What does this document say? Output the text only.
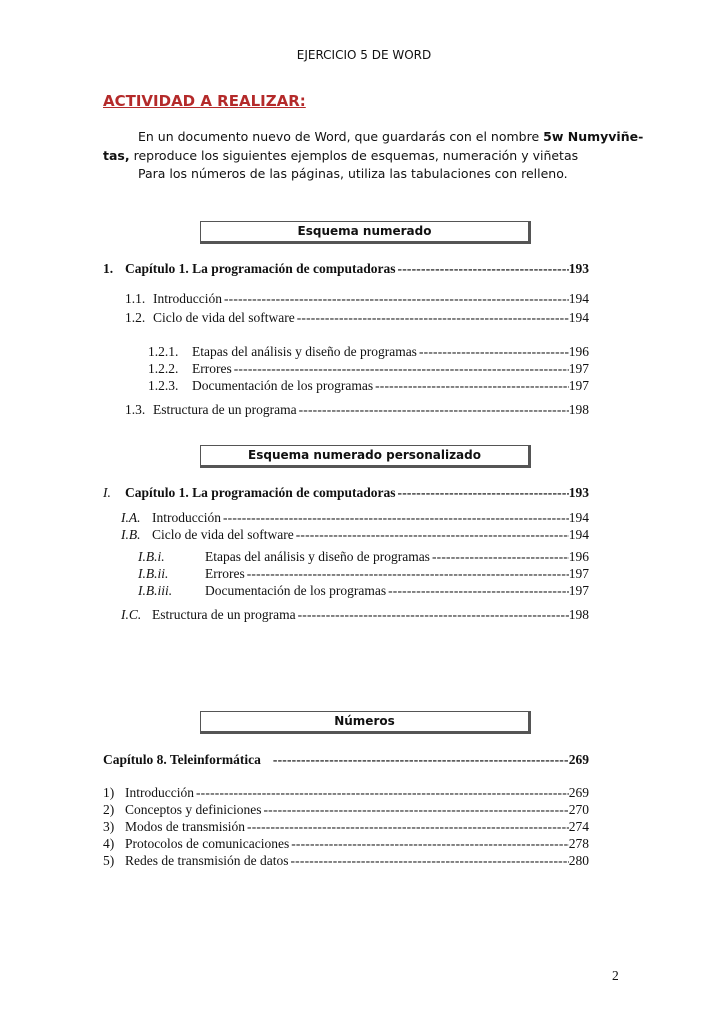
EJERCICIO 5 DE WORD
ACTIVIDAD A REALIZAR:
En un documento nuevo de Word, que guardarás con el nombre 5w Numyviñe-
tas, reproduce los siguientes ejemplos de esquemas, numeración y viñetas
Para los números de las páginas, utiliza las tabulaciones con relleno.
Esquema numerado
1. Capítulo 1. La programación de computadoras -----	193
1.1. Introducción -----	194
1.2. Ciclo de vida del software -----	194
1.2.1.	Etapas del análisis y diseño de programas -----	196
1.2.2.	Errores -----	197
1.2.3.	Documentación de los programas -----	197
1.3. Estructura de un programa -----	198
Esquema numerado personalizado
I.	Capítulo 1. La programación de computadoras -----	193
I.A. Introducción -----	194
I.B. Ciclo de vida del software -----	194
I.B.i.	Etapas del análisis y diseño de programas -----	196
I.B.ii.	Errores -----	197
I.B.iii.	Documentación de los programas -----	197
I.C. Estructura de un programa -----	198
Números
Capítulo 8. Teleinformática -----	269
1) Introducción -----	269
2) Conceptos y definiciones -----	270
3) Modos de transmisión -----	274
4) Protocolos de comunicaciones -----	278
5) Redes de transmisión de datos -----	280
2
